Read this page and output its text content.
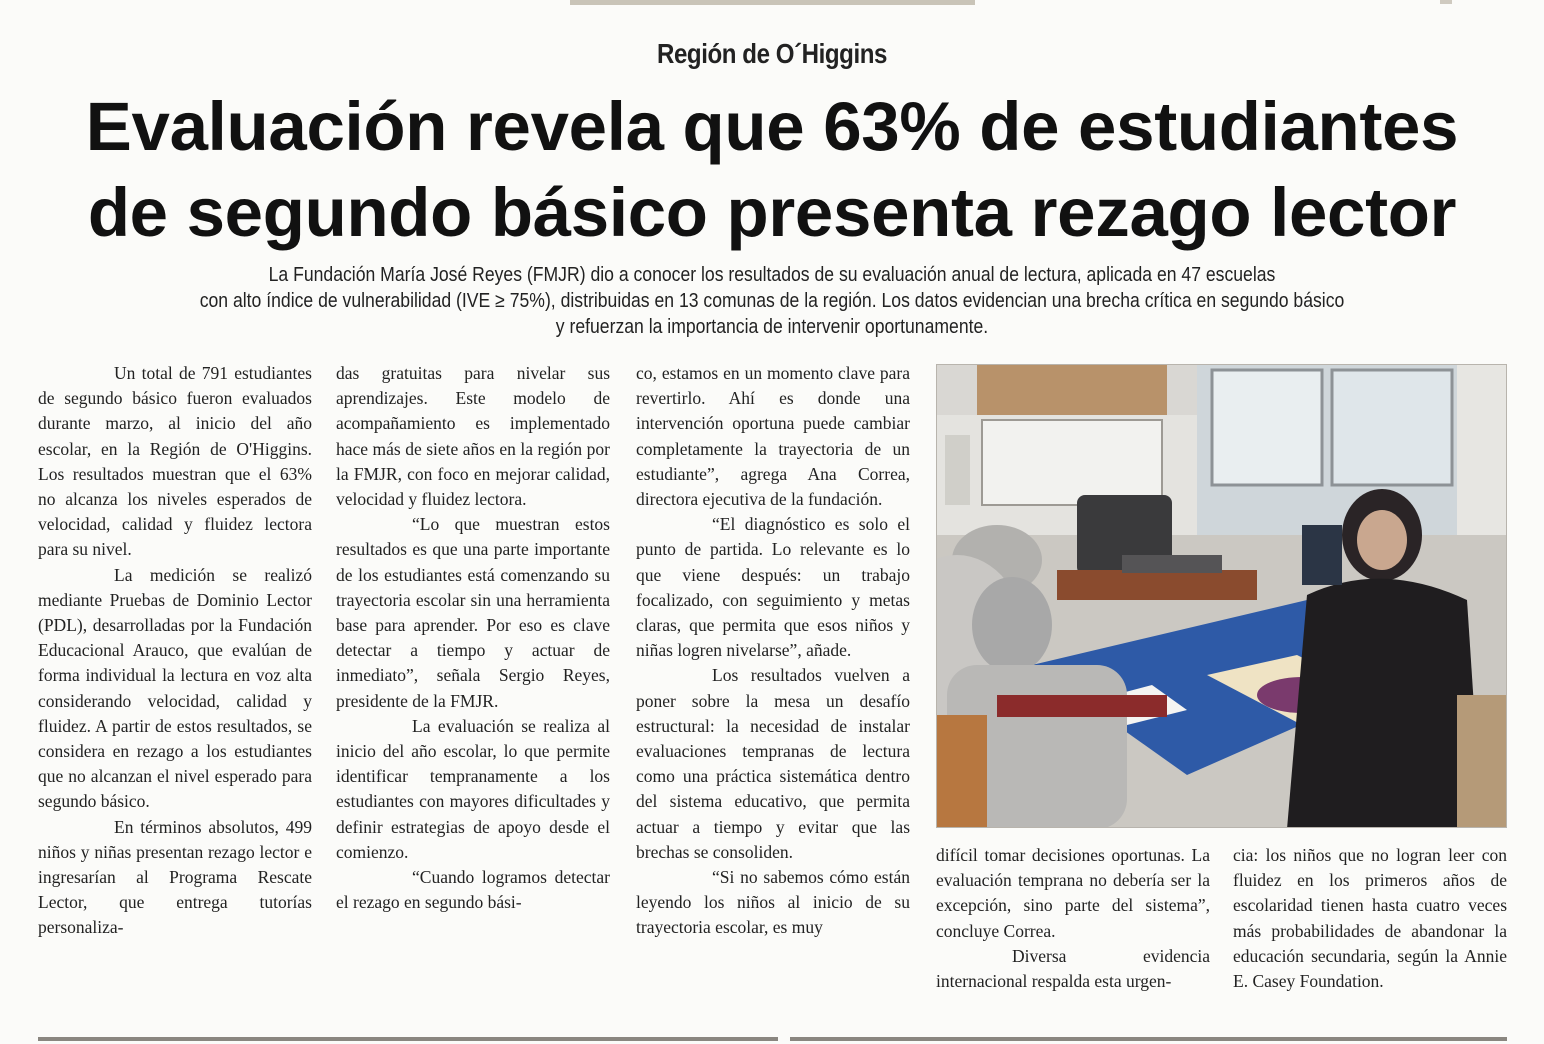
Región de O´Higgins
Evaluación revela que 63% de estudiantes
de segundo básico presenta rezago lector
La Fundación María José Reyes (FMJR) dio a conocer los resultados de su evaluación anual de lectura, aplicada en 47 escuelas
con alto índice de vulnerabilidad (IVE ≥ 75%), distribuidas en 13 comunas de la región. Los datos evidencian una brecha crítica en segundo básico
y refuerzan la importancia de intervenir oportunamente.

Un total de 791 estudiantes de segundo básico fueron evaluados durante marzo, al inicio del año escolar, en la Región de O'Higgins. Los resultados muestran que el 63% no alcanza los niveles esperados de velocidad, calidad y fluidez lectora para su nivel.

La medición se realizó mediante Pruebas de Dominio Lector (PDL), desarrolladas por la Fundación Educacional Arauco, que evalúan de forma individual la lectura en voz alta considerando velocidad, calidad y fluidez. A partir de estos resultados, se considera en rezago a los estudiantes que no alcanzan el nivel esperado para segundo básico.

En términos absolutos, 499 niños y niñas presentan rezago lector e ingresarían al Programa Rescate Lector, que entrega tutorías personaliza-

das gratuitas para nivelar sus aprendizajes. Este modelo de acompañamiento es implementado hace más de siete años en la región por la FMJR, con foco en mejorar calidad, velocidad y fluidez lectora.

“Lo que muestran estos resultados es que una parte importante de los estudiantes está comenzando su trayectoria escolar sin una herramienta base para aprender. Por eso es clave detectar a tiempo y actuar de inmediato”, señala Sergio Reyes, presidente de la FMJR.

La evaluación se realiza al inicio del año escolar, lo que permite identificar tempranamente a los estudiantes con mayores dificultades y definir estrategias de apoyo desde el comienzo.

“Cuando logramos detectar el rezago en segundo bási-

co, estamos en un momento clave para revertirlo. Ahí es donde una intervención oportuna puede cambiar completamente la trayectoria de un estudiante”, agrega Ana Correa, directora ejecutiva de la fundación.

“El diagnóstico es solo el punto de partida. Lo relevante es lo que viene después: un trabajo focalizado, con seguimiento y metas claras, que permita que esos niños y niñas logren nivelarse”, añade.

Los resultados vuelven a poner sobre la mesa un desafío estructural: la necesidad de instalar evaluaciones tempranas de lectura como una práctica sistemática dentro del sistema educativo, que permita actuar a tiempo y evitar que las brechas se consoliden.

“Si no sabemos cómo están leyendo los niños al inicio de su trayectoria escolar, es muy

difícil tomar decisiones oportunas. La evaluación temprana no debería ser la excepción, sino parte del sistema”, concluye Correa.

Diversa evidencia internacional respalda esta urgen-

cia: los niños que no logran leer con fluidez en los primeros años de escolaridad tienen hasta cuatro veces más probabilidades de abandonar la educación secundaria, según la Annie E. Casey Foundation.
